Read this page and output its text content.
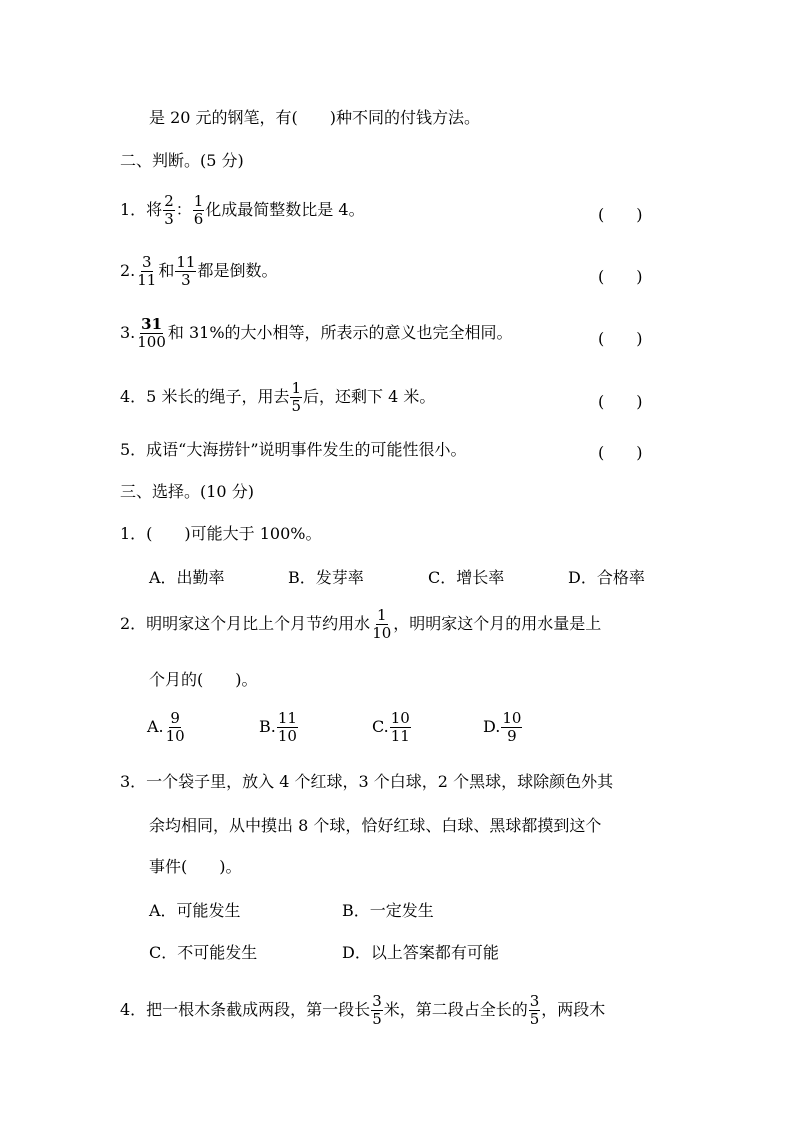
是 20 元的钢笔，有(　　)种不同的付钱方法。
二、判断。(5 分)
1．将 $\frac{2}{3}$ ： $\frac{1}{6}$ 化成最简整数比是 4。	(　　)
2. $\frac{3}{11}$ 和 $\frac{11}{3}$ 都是倒数。	(　　)
3. $\frac{31}{100}$ 和 31%的大小相等，所表示的意义也完全相同。	(　　)
4．5 米长的绳子，用去 $\frac{1}{5}$ 后，还剩下 4 米。	(　　)
5．成语“大海捞针”说明事件发生的可能性很小。	(　　)
三、选择。(10 分)
1．(　　)可能大于 100%。
A．出勤率	B．发芽率	C．增长率	D．合格率
2．明明家这个月比上个月节约用水 $\frac{1}{10}$ ，明明家这个月的用水量是上
个月的(　　)。
A. $\frac{9}{10}$	B. $\frac{11}{10}$	C. $\frac{10}{11}$	D. $\frac{10}{9}$
3．一个袋子里，放入 4 个红球，3 个白球，2 个黑球，球除颜色外其
余均相同，从中摸出 8 个球，恰好红球、白球、黑球都摸到这个
事件(　　)。
A．可能发生	B．一定发生
C．不可能发生	D．以上答案都有可能
4．把一根木条截成两段，第一段长 $\frac{3}{5}$ 米，第二段占全长的 $\frac{3}{5}$ ，两段木
